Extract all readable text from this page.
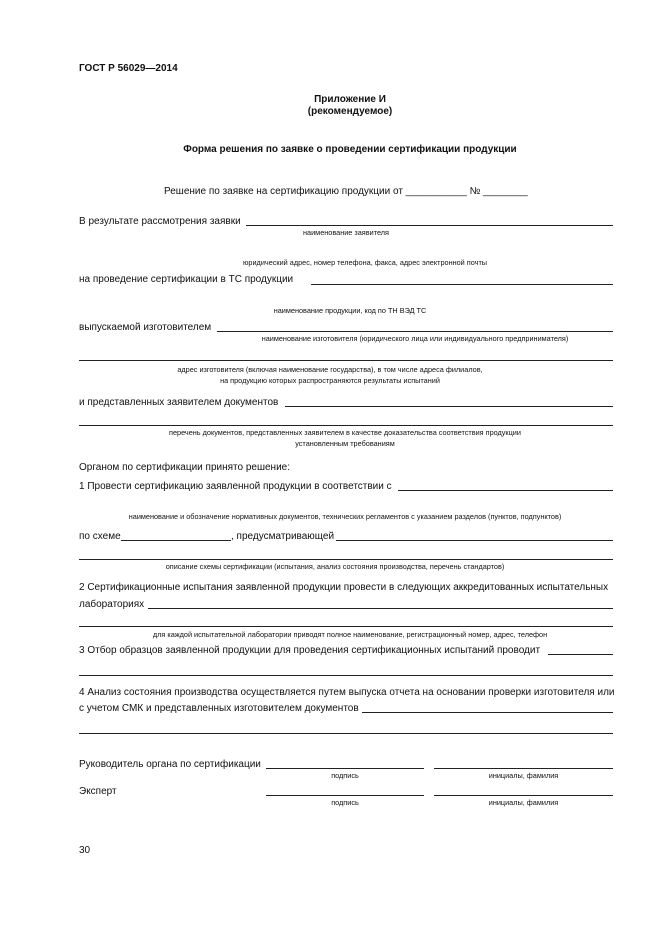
ГОСТ Р 56029—2014
Приложение И
(рекомендуемое)
Форма решения по заявке о проведении сертификации продукции
Решение по заявке на сертификацию продукции от ___________ № ________
В результате рассмотрения заявки
наименование заявителя
юридический адрес, номер телефона, факса, адрес электронной почты
на проведение сертификации в ТС продукции
наименование продукции, код по ТН ВЭД ТС
выпускаемой изготовителем
наименование изготовителя (юридического лица или индивидуального предпринимателя)
адрес изготовителя (включая наименование государства), в том числе адреса филиалов,
на продукцию которых распространяются результаты испытаний
и представленных заявителем документов
перечень документов, представленных заявителем в качестве доказательства соответствия продукции
установленным требованиям
Органом по сертификации принято решение:
1 Провести сертификацию заявленной продукции в соответствии с
наименование и обозначение нормативных документов, технических регламентов с указанием разделов (пунктов, подпунктов)
по схеме	, предусматривающей
описание схемы сертификации (испытания, анализ состояния производства, перечень стандартов)
2 Сертификационные испытания заявленной продукции провести в следующих аккредитованных испытательных
лабораториях
для каждой испытательной лаборатории приводят полное наименование, регистрационный номер, адрес, телефон
3 Отбор образцов заявленной продукции для проведения сертификационных испытаний проводит
4 Анализ состояния производства осуществляется путем выпуска отчета на основании проверки изготовителя или
с учетом СМК и представленных изготовителем документов
Руководитель органа по сертификации
подпись	инициалы, фамилия
Эксперт
подпись	инициалы, фамилия
30
